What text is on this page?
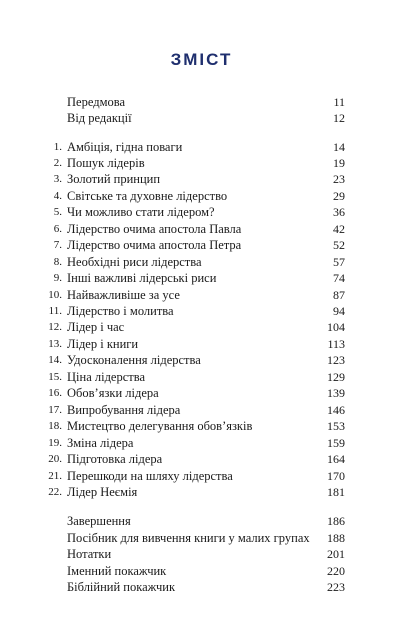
ЗМІСТ
Передмова	11
Від редакції	12
1. Амбіція, гідна поваги	14
2. Пошук лідерів	19
3. Золотий принцип	23
4. Світське та духовне лідерство	29
5. Чи можливо стати лідером?	36
6. Лідерство очима апостола Павла	42
7. Лідерство очима апостола Петра	52
8. Необхідні риси лідерства	57
9. Інші важливі лідерські риси	74
10. Найважливіше за усе	87
11. Лідерство і молитва	94
12. Лідер і час	104
13. Лідер і книги	113
14. Удосконалення лідерства	123
15. Ціна лідерства	129
16. Обов’язки лідера	139
17. Випробування лідера	146
18. Мистецтво делегування обов’язків	153
19. Зміна лідера	159
20. Підготовка лідера	164
21. Перешкоди на шляху лідерства	170
22. Лідер Неємія	181
Завершення	186
Посібник для вивчення книги у малих групах 188
Нотатки	201
Іменний покажчик	220
Біблійний покажчик	223
